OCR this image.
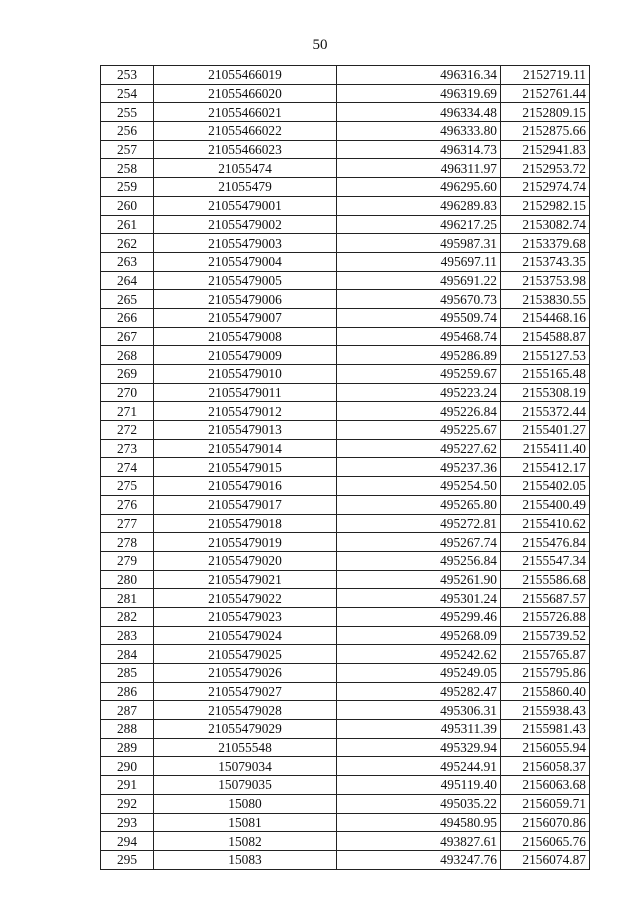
50
253	21055466019	496316.34	2152719.11
254	21055466020	496319.69	2152761.44
255	21055466021	496334.48	2152809.15
256	21055466022	496333.80	2152875.66
257	21055466023	496314.73	2152941.83
258	21055474	496311.97	2152953.72
259	21055479	496295.60	2152974.74
260	21055479001	496289.83	2152982.15
261	21055479002	496217.25	2153082.74
262	21055479003	495987.31	2153379.68
263	21055479004	495697.11	2153743.35
264	21055479005	495691.22	2153753.98
265	21055479006	495670.73	2153830.55
266	21055479007	495509.74	2154468.16
267	21055479008	495468.74	2154588.87
268	21055479009	495286.89	2155127.53
269	21055479010	495259.67	2155165.48
270	21055479011	495223.24	2155308.19
271	21055479012	495226.84	2155372.44
272	21055479013	495225.67	2155401.27
273	21055479014	495227.62	2155411.40
274	21055479015	495237.36	2155412.17
275	21055479016	495254.50	2155402.05
276	21055479017	495265.80	2155400.49
277	21055479018	495272.81	2155410.62
278	21055479019	495267.74	2155476.84
279	21055479020	495256.84	2155547.34
280	21055479021	495261.90	2155586.68
281	21055479022	495301.24	2155687.57
282	21055479023	495299.46	2155726.88
283	21055479024	495268.09	2155739.52
284	21055479025	495242.62	2155765.87
285	21055479026	495249.05	2155795.86
286	21055479027	495282.47	2155860.40
287	21055479028	495306.31	2155938.43
288	21055479029	495311.39	2155981.43
289	21055548	495329.94	2156055.94
290	15079034	495244.91	2156058.37
291	15079035	495119.40	2156063.68
292	15080	495035.22	2156059.71
293	15081	494580.95	2156070.86
294	15082	493827.61	2156065.76
295	15083	493247.76	2156074.87
